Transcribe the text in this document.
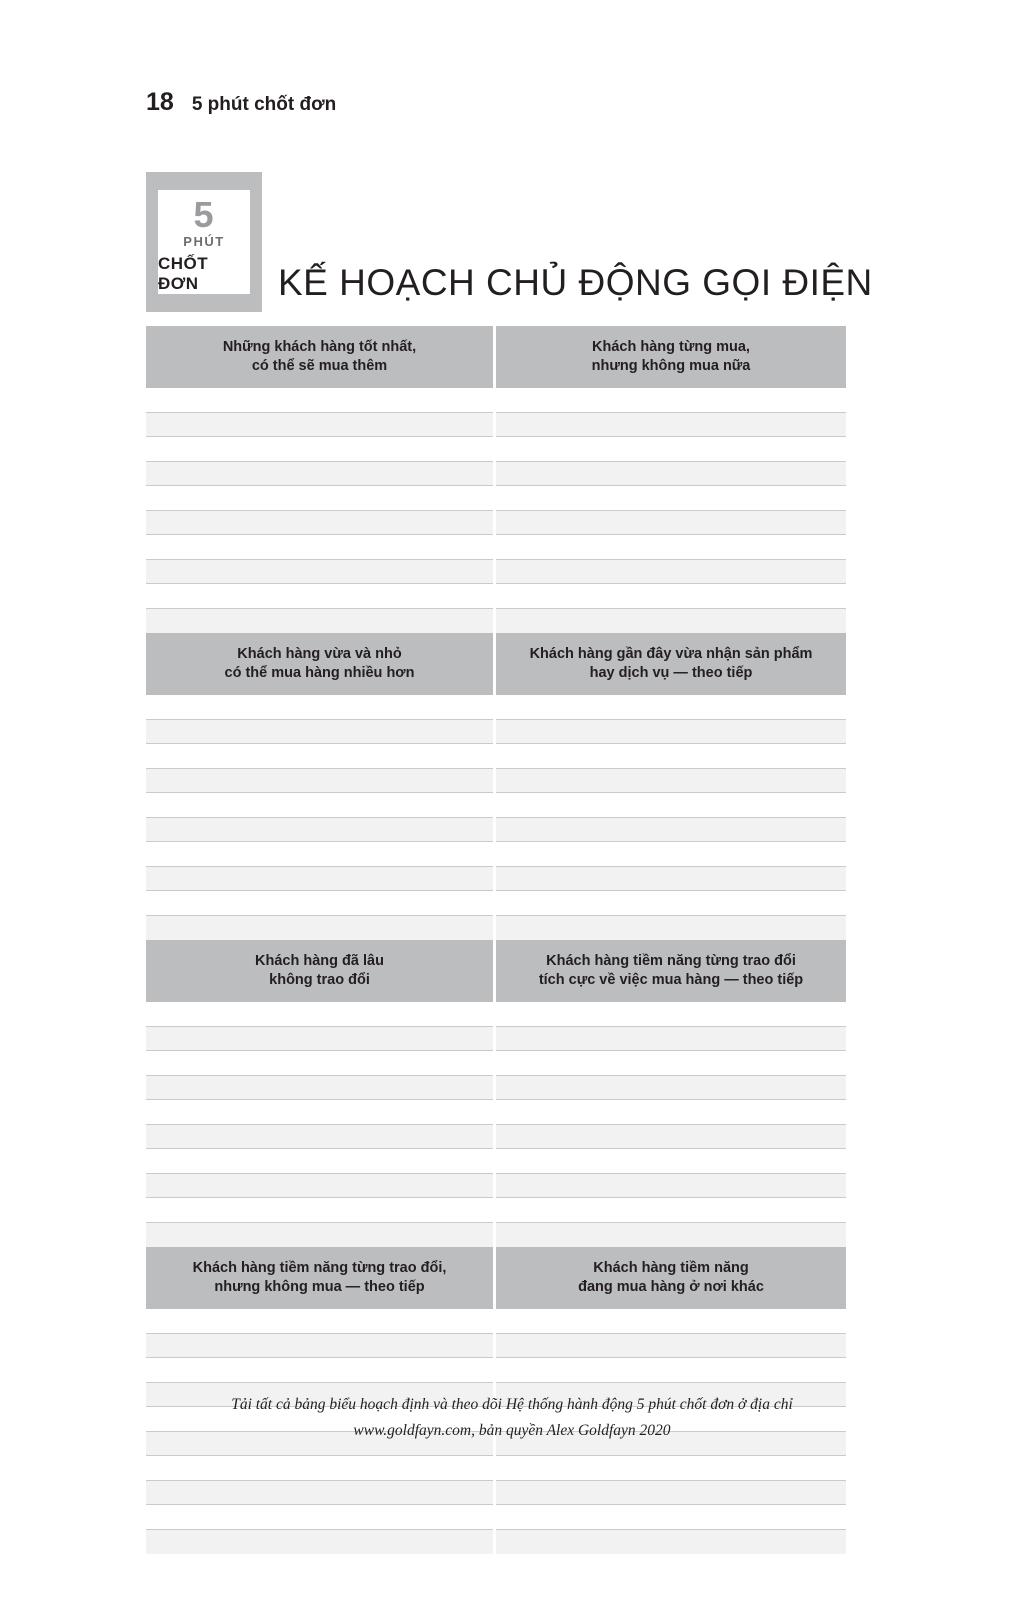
18 5 phút chốt đơn
5
PHÚT
CHỐT ĐƠN	KẾ HOẠCH CHỦ ĐỘNG GỌI ĐIỆN
Những khách hàng tốt nhất,
có thể sẽ mua thêm
Khách hàng từng mua,
nhưng không mua nữa
Khách hàng vừa và nhỏ
có thể mua hàng nhiều hơn
Khách hàng gần đây vừa nhận sản phẩm
hay dịch vụ — theo tiếp
Khách hàng đã lâu
không trao đổi
Khách hàng tiềm năng từng trao đổi
tích cực về việc mua hàng — theo tiếp
Khách hàng tiềm năng từng trao đổi,
nhưng không mua — theo tiếp
Khách hàng tiềm năng
đang mua hàng ở nơi khác
Tải tất cả bảng biểu hoạch định và theo dõi Hệ thống hành động 5 phút chốt đơn ở địa chỉ
www.goldfayn.com, bản quyền Alex Goldfayn 2020
